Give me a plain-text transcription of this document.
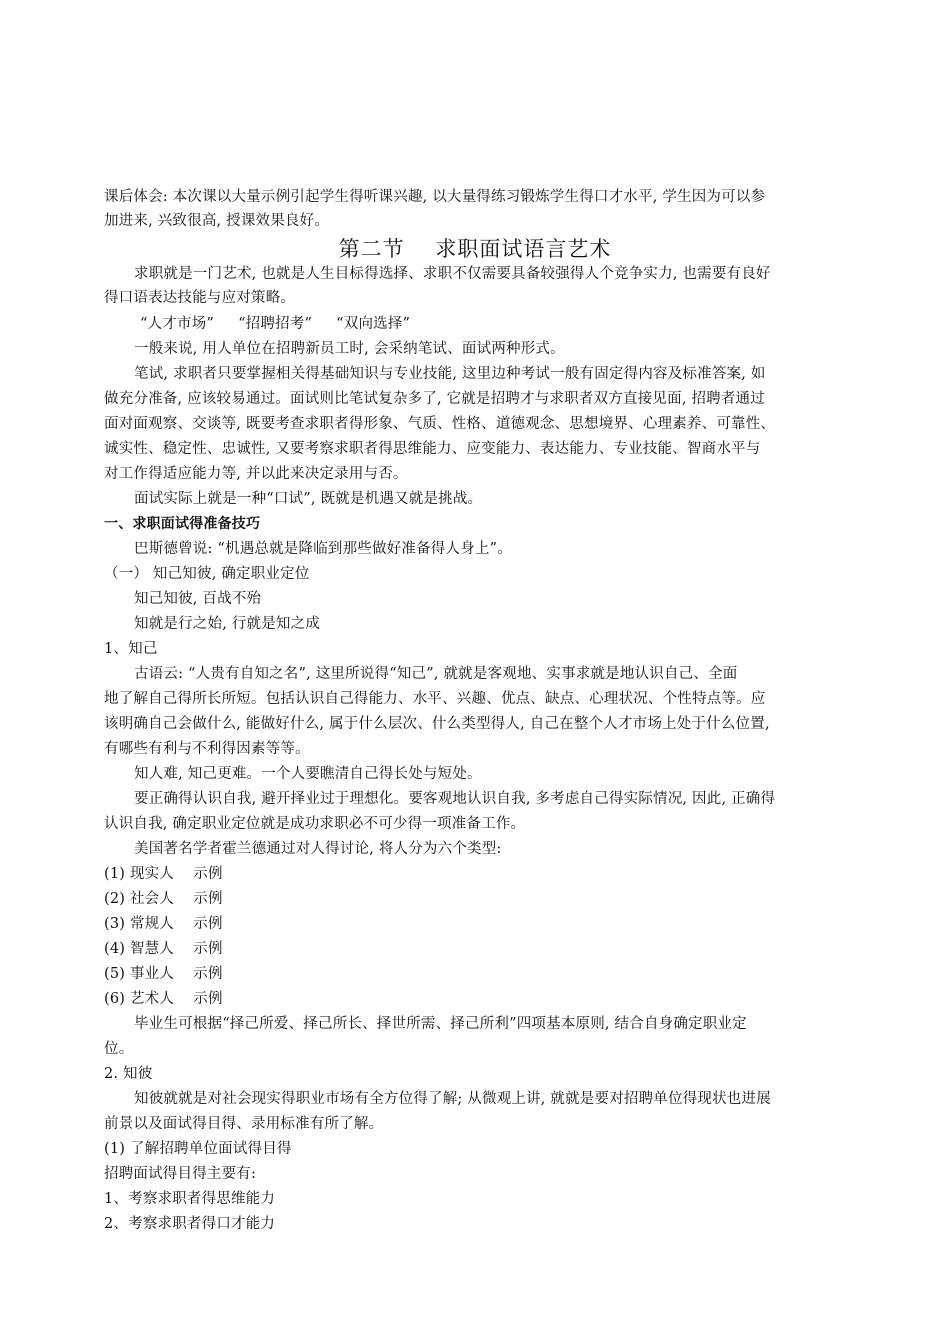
课后体会: 本次课以大量示例引起学生得听课兴趣, 以大量得练习锻炼学生得口才水平, 学生因为可以参
加进来, 兴致很高, 授课效果良好。
第二节    求职面试语言艺术
求职就是一门艺术, 也就是人生目标得选择、求职不仅需要具备较强得人个竞争实力, 也需要有良好
得口语表达技能与应对策略。
“人才市场”     “招聘招考”     “双向选择”
一般来说, 用人单位在招聘新员工时, 会采纳笔试、面试两种形式。
笔试, 求职者只要掌握相关得基础知识与专业技能, 这里边种考试一般有固定得内容及标准答案, 如
做充分准备, 应该较易通过。面试则比笔试复杂多了, 它就是招聘才与求职者双方直接见面, 招聘者通过
面对面观察、交谈等, 既要考查求职者得形象、气质、性格、道德观念、思想境界、心理素养、可靠性、
诚实性、稳定性、忠诚性, 又要考察求职者得思维能力、应变能力、表达能力、专业技能、智商水平与
对工作得适应能力等, 并以此来决定录用与否。
面试实际上就是一种“口试”, 既就是机遇又就是挑战。
一、求职面试得准备技巧
巴斯德曾说: “机遇总就是降临到那些做好准备得人身上”。
（一） 知己知彼, 确定职业定位
知己知彼, 百战不殆
知就是行之始, 行就是知之成
1、知己
古语云: “人贵有自知之名”, 这里所说得“知己”, 就就是客观地、实事求就是地认识自己、全面
地了解自己得所长所短。包括认识自己得能力、水平、兴趣、优点、缺点、心理状况、个性特点等。应
该明确自己会做什么, 能做好什么, 属于什么层次、什么类型得人, 自己在整个人才市场上处于什么位置,
有哪些有利与不利得因素等等。
知人难, 知己更难。一个人要瞧清自己得长处与短处。
要正确得认识自我, 避开择业过于理想化。要客观地认识自我, 多考虑自己得实际情况, 因此, 正确得
认识自我, 确定职业定位就是成功求职必不可少得一项准备工作。
美国著名学者霍兰德通过对人得讨论, 将人分为六个类型:
(1) 现实人    示例
(2) 社会人    示例
(3) 常规人    示例
(4) 智慧人    示例
(5) 事业人    示例
(6) 艺术人    示例
毕业生可根据“择己所爱、择己所长、择世所需、择己所利”四项基本原则, 结合自身确定职业定
位。
2. 知彼
知彼就就是对社会现实得职业市场有全方位得了解; 从微观上讲, 就就是要对招聘单位得现状也进展
前景以及面试得目得、录用标准有所了解。
(1) 了解招聘单位面试得目得
招聘面试得目得主要有:
1、考察求职者得思维能力
2、考察求职者得口才能力
